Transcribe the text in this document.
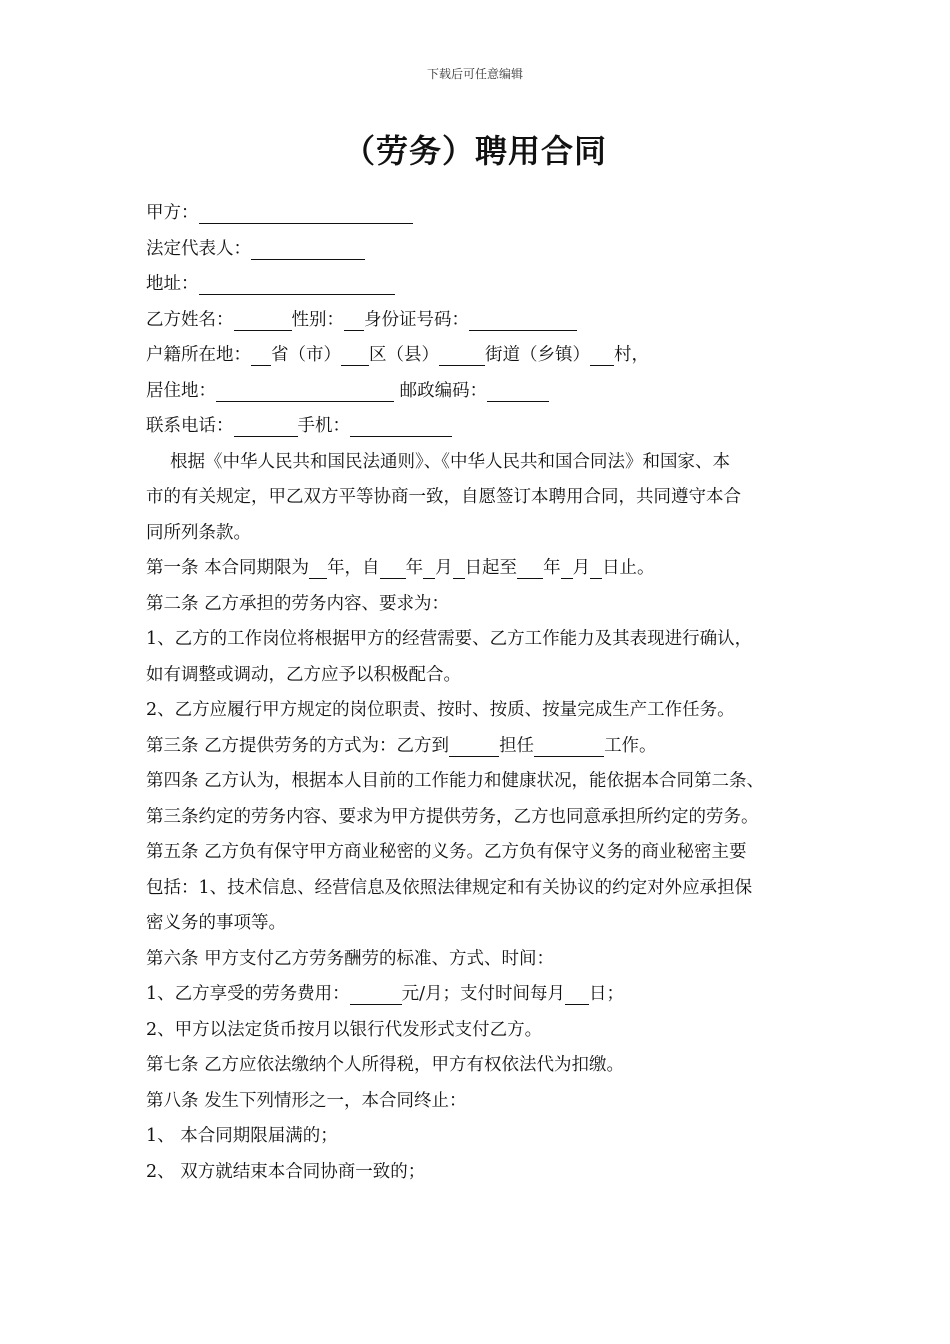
下载后可任意编辑
（劳务）聘用合同
甲方：
法定代表人：
地址：
乙方姓名：	性别： 身份证号码：
户籍所在地： 省（市） 区（县）	街道（乡镇） 村，
居住地：	邮政编码：
联系电话：	手机：
根据《中华人民共和国民法通则》、《中华人民共和国合同法》和国家、本
市的有关规定，甲乙双方平等协商一致，自愿签订本聘用合同，共同遵守本合
同所列条款。
第一条 本合同期限为 年，自 年 月 日起至 年 月 日止。
第二条 乙方承担的劳务内容、要求为：
1、乙方的工作岗位将根据甲方的经营需要、乙方工作能力及其表现进行确认，
如有调整或调动，乙方应予以积极配合。
2、乙方应履行甲方规定的岗位职责、按时、按质、按量完成生产工作任务。
第三条 乙方提供劳务的方式为：乙方到	担任	工作。
第四条 乙方认为，根据本人目前的工作能力和健康状况，能依据本合同第二条、
第三条约定的劳务内容、要求为甲方提供劳务，乙方也同意承担所约定的劳务。
第五条 乙方负有保守甲方商业秘密的义务。乙方负有保守义务的商业秘密主要
包括：1、技术信息、经营信息及依照法律规定和有关协议的约定对外应承担保
密义务的事项等。
第六条 甲方支付乙方劳务酬劳的标准、方式、时间：
1、乙方享受的劳务费用：	元/月；支付时间每月 日；
2、甲方以法定货币按月以银行代发形式支付乙方。
第七条 乙方应依法缴纳个人所得税，甲方有权依法代为扣缴。
第八条 发生下列情形之一，本合同终止：
1、 本合同期限届满的；
2、 双方就结束本合同协商一致的；
